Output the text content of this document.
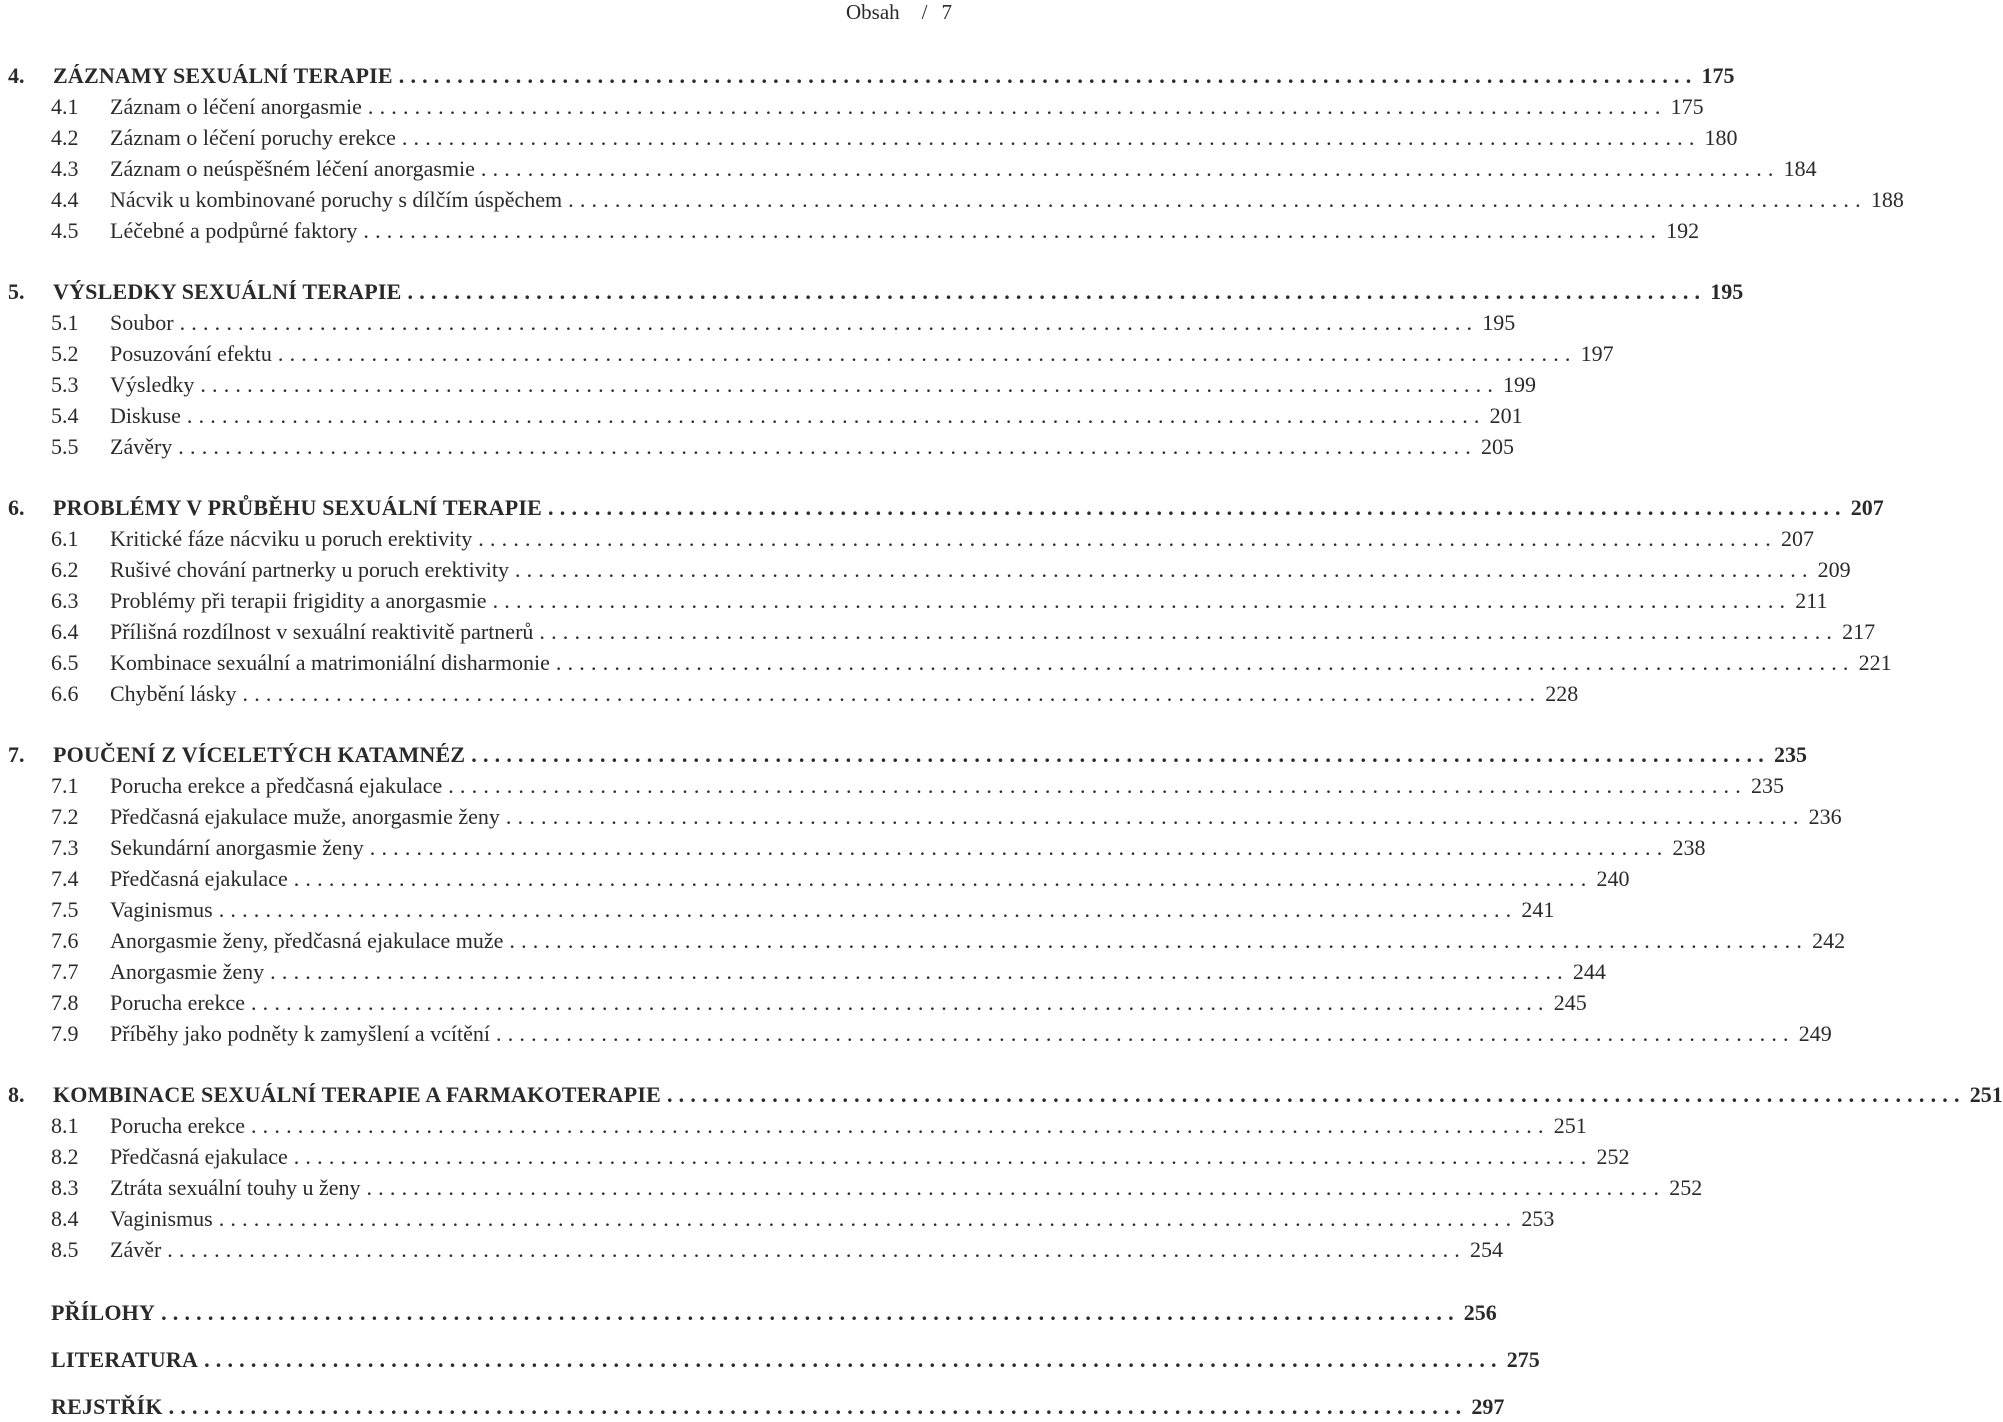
Obsah / 7
4.	ZÁZNAMY SEXUÁLNÍ TERAPIE ............................................................................................................... 175
4.1	Záznam o léčení anorgasmie ............................................................................................................... 175
4.2	Záznam o léčení poruchy erekce ............................................................................................................... 180
4.3	Záznam o neúspěšném léčení anorgasmie ............................................................................................................... 184
4.4	Nácvik u kombinované poruchy s dílčím úspěchem ............................................................................................................... 188
4.5	Léčebné a podpůrné faktory ............................................................................................................... 192
5.	VÝSLEDKY SEXUÁLNÍ TERAPIE ............................................................................................................... 195
5.1	Soubor ............................................................................................................... 195
5.2	Posuzování efektu ............................................................................................................... 197
5.3	Výsledky ............................................................................................................... 199
5.4	Diskuse ............................................................................................................... 201
5.5	Závěry ............................................................................................................... 205
6.	PROBLÉMY V PRŮBĚHU SEXUÁLNÍ TERAPIE ............................................................................................................... 207
6.1	Kritické fáze nácviku u poruch erektivity ............................................................................................................... 207
6.2	Rušivé chování partnerky u poruch erektivity ............................................................................................................... 209
6.3	Problémy při terapii frigidity a anorgasmie ............................................................................................................... 211
6.4	Přílišná rozdílnost v sexuální reaktivitě partnerů ............................................................................................................... 217
6.5	Kombinace sexuální a matrimoniální disharmonie ............................................................................................................... 221
6.6	Chybění lásky ............................................................................................................... 228
7.	POUČENÍ Z VÍCELETÝCH KATAMNÉZ ............................................................................................................... 235
7.1	Porucha erekce a předčasná ejakulace ............................................................................................................... 235
7.2	Předčasná ejakulace muže, anorgasmie ženy ............................................................................................................... 236
7.3	Sekundární anorgasmie ženy ............................................................................................................... 238
7.4	Předčasná ejakulace ............................................................................................................... 240
7.5	Vaginismus ............................................................................................................... 241
7.6	Anorgasmie ženy, předčasná ejakulace muže ............................................................................................................... 242
7.7	Anorgasmie ženy ............................................................................................................... 244
7.8	Porucha erekce ............................................................................................................... 245
7.9	Příběhy jako podněty k zamyšlení a vcítění ............................................................................................................... 249
8.	KOMBINACE SEXUÁLNÍ TERAPIE A FARMAKOTERAPIE ............................................................................................................... 251
8.1	Porucha erekce ............................................................................................................... 251
8.2	Předčasná ejakulace ............................................................................................................... 252
8.3	Ztráta sexuální touhy u ženy ............................................................................................................... 252
8.4	Vaginismus ............................................................................................................... 253
8.5	Závěr ............................................................................................................... 254
PŘÍLOHY ............................................................................................................... 256
LITERATURA ............................................................................................................... 275
REJSTŘÍK ............................................................................................................... 297
